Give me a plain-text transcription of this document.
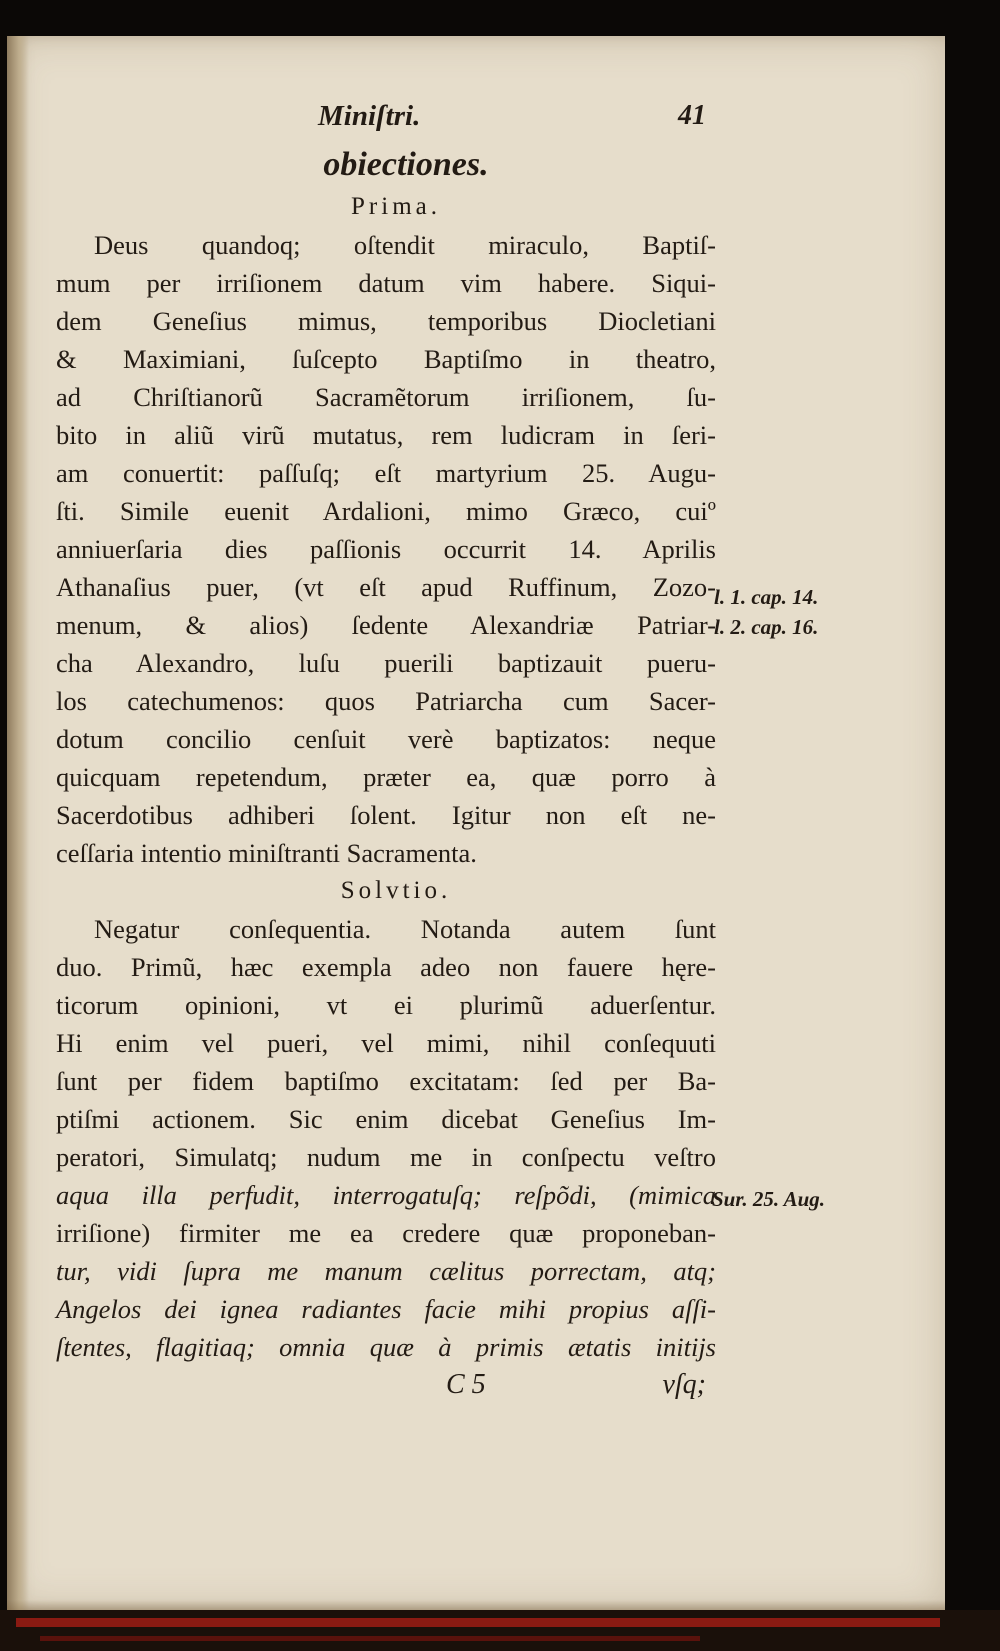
Miniſtri.	41
obiectiones.
Prima.
Deus quandoq; oſtendit miraculo, Baptiſ-
mum per irriſionem datum vim habere. Siqui-
dem Geneſius mimus, temporibus Diocletiani
& Maximiani, ſuſcepto Baptiſmo in theatro,
ad Chriſtianorũ Sacramẽtorum irriſionem, ſu-
bito in aliũ virũ mutatus, rem ludicram in ſeri-
am conuertit: paſſuſq; eſt martyrium 25. Augu-
ſti. Simile euenit Ardalioni, mimo Græco, cuiº
anniuerſaria dies paſſionis occurrit 14. Aprilis
Athanaſius puer, (vt eſt apud Ruffinum, Zozo-
menum, & alios) ſedente Alexandriæ Patriar-
cha Alexandro, luſu puerili baptizauit pueru-
los catechumenos: quos Patriarcha cum Sacer-
dotum concilio cenſuit verè baptizatos: neque
quicquam repetendum, præter ea, quæ porro à
Sacerdotibus adhiberi ſolent. Igitur non eſt ne-
ceſſaria intentio miniſtranti Sacramenta.
Solvtio.
Negatur conſequentia. Notanda autem ſunt
duo. Primũ, hæc exempla adeo non fauere hęre-
ticorum opinioni, vt ei plurimũ aduerſentur.
Hi enim vel pueri, vel mimi, nihil conſequuti
ſunt per fidem baptiſmo excitatam: ſed per Ba-
ptiſmi actionem. Sic enim dicebat Geneſius Im-
peratori, Simulatq; nudum me in conſpectu veſtro
aqua illa perfudit, interrogatuſq; reſpõdi, (mimica
irriſione) firmiter me ea credere quæ proponeban-
tur, vidi ſupra me manum cælitus porrectam, atq;
Angelos dei ignea radiantes facie mihi propius aſſi-
ſtentes, flagitiaq; omnia quæ à primis ætatis initijs
C 5	vſq;
l. 1. cap. 14.
l. 2. cap. 16.
Sur. 25. Aug.
